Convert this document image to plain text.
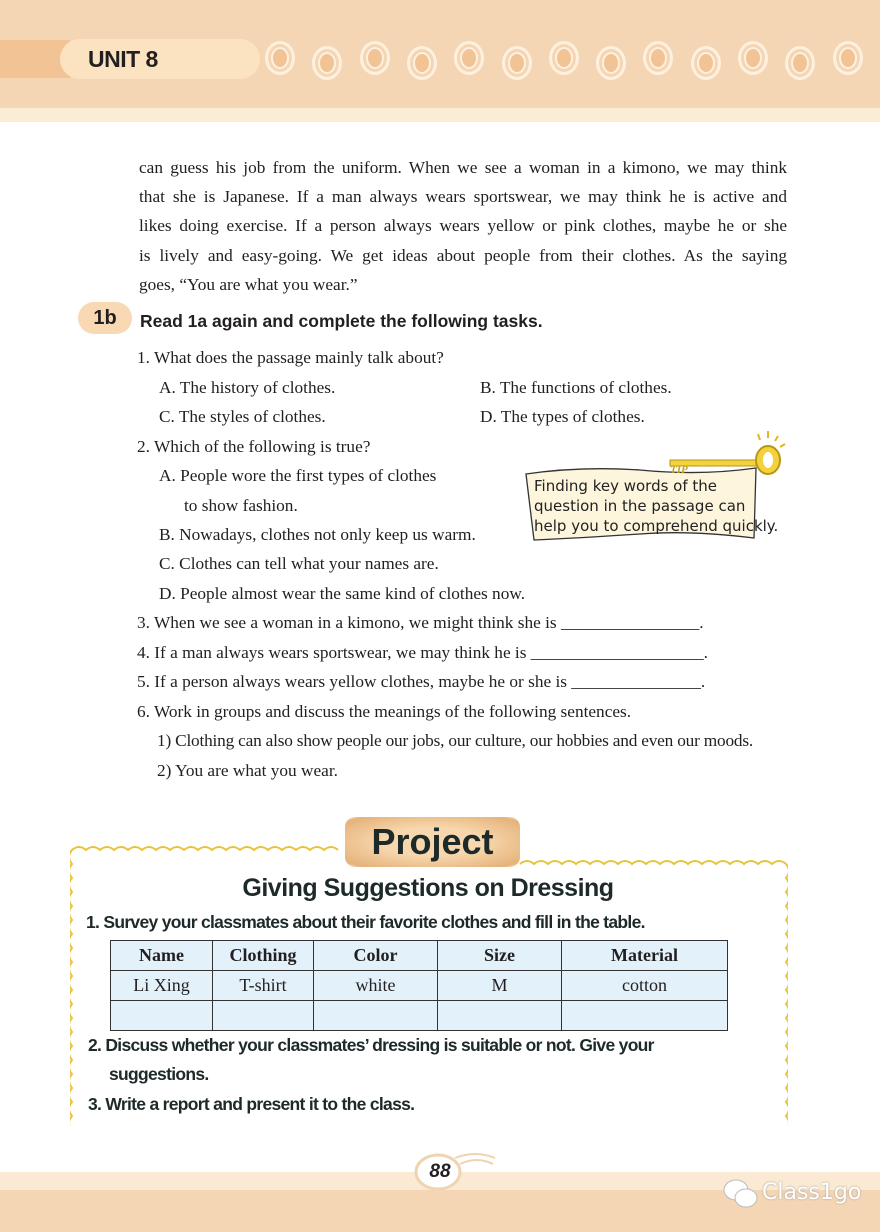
UNIT 8
can guess his job from the uniform. When we see a woman in a kimono, we may think
that she is Japanese. If a man always wears sportswear, we may think he is active and
likes doing exercise. If a person always wears yellow or pink clothes, maybe he or she
is lively and easy-going. We get ideas about people from their clothes. As the saying
goes, “You are what you wear.”
1b	Read 1a again and complete the following tasks.
1. What does the passage mainly talk about?
A. The history of clothes.	B. The functions of clothes.
C. The styles of clothes.	D. The types of clothes.
2. Which of the following is true?
A. People wore the first types of clothes
to show fashion.
B. Nowadays, clothes not only keep us warm.
C. Clothes can tell what your names are.
D. People almost wear the same kind of clothes now.
3. When we see a woman in a kimono, we might think she is ________________.
4. If a man always wears sportswear, we may think he is ____________________.
5. If a person always wears yellow clothes, maybe he or she is _______________.
6. Work in groups and discuss the meanings of the following sentences.
1) Clothing can also show people our jobs, our culture, our hobbies and even our moods.
2) You are what you wear.
TIP
Finding key words of the
question in the passage can
help you to comprehend quickly.
Project
Giving Suggestions on Dressing
1. Survey your classmates about their favorite clothes and fill in the table.
Name	Clothing	Color	Size	Material
Li Xing	T-shirt	white	M	cotton

2. Discuss whether your classmates’ dressing is suitable or not. Give your
suggestions.
3. Write a report and present it to the class.
88
Class1go
